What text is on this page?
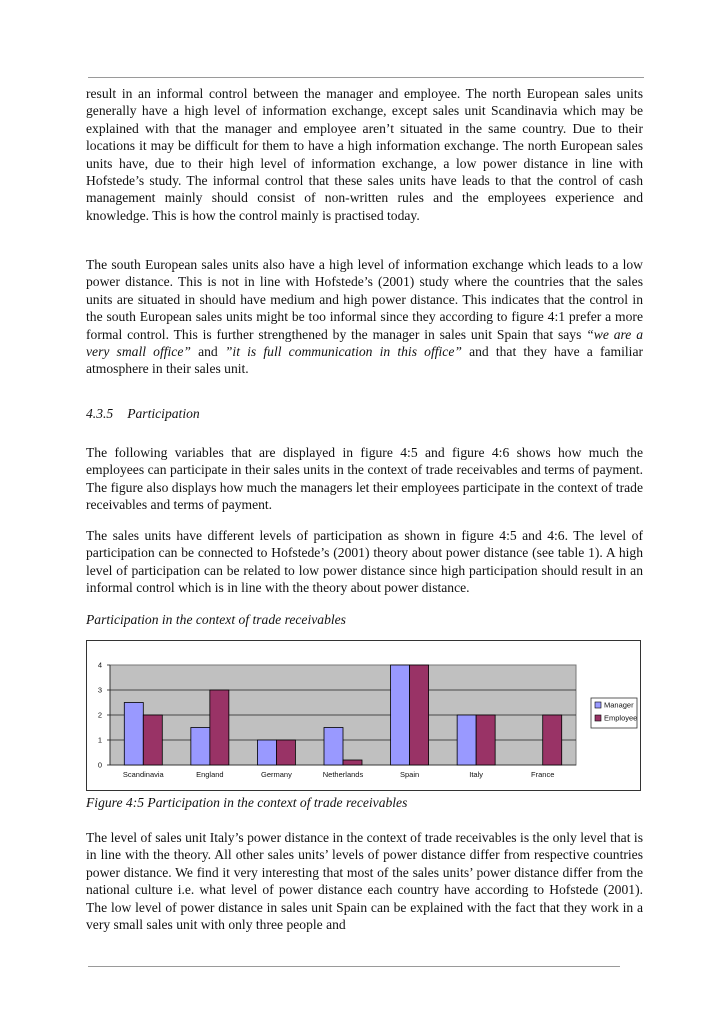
result in an informal control between the manager and employee. The north European sales units generally have a high level of information exchange, except sales unit Scandinavia which may be explained with that the manager and employee aren’t situated in the same country. Due to their locations it may be difficult for them to have a high information exchange. The north European sales units have, due to their high level of information exchange, a low power distance in line with Hofstede’s study. The informal control that these sales units have leads to that the control of cash management mainly should consist of non-written rules and the employees experience and knowledge. This is how the control mainly is practised today.

The south European sales units also have a high level of information exchange which leads to a low power distance. This is not in line with Hofstede’s (2001) study where the countries that the sales units are situated in should have medium and high power distance. This indicates that the control in the south European sales units might be too informal since they according to figure 4:1 prefer a more formal control. This is further strengthened by the manager in sales unit Spain that says “we are a very small office” and ”it is full communication in this office” and that they have a familiar atmosphere in their sales unit.

4.3.5 Participation

The following variables that are displayed in figure 4:5 and figure 4:6 shows how much the employees can participate in their sales units in the context of trade receivables and terms of payment. The figure also displays how much the managers let their employees participate in the context of trade receivables and terms of payment.

The sales units have different levels of participation as shown in figure 4:5 and 4:6. The level of participation can be connected to Hofstede’s (2001) theory about power distance (see table 1). A high level of participation can be related to low power distance since high participation should result in an informal control which is in line with the theory about power distance.

Participation in the context of trade receivables
0
1
2
3
4
Scandinavia	England	Germany	Netherlands	Spain	Italy	France
Manager
Employee
Figure 4:5 Participation in the context of trade receivables

The level of sales unit Italy’s power distance in the context of trade receivables is the only level that is in line with the theory. All other sales units’ levels of power distance differ from respective countries power distance. We find it very interesting that most of the sales units’ power distance differ from the national culture i.e. what level of power distance each country have according to Hofstede (2001). The low level of power distance in sales unit Spain can be explained with the fact that they work in a very small sales unit with only three people and
